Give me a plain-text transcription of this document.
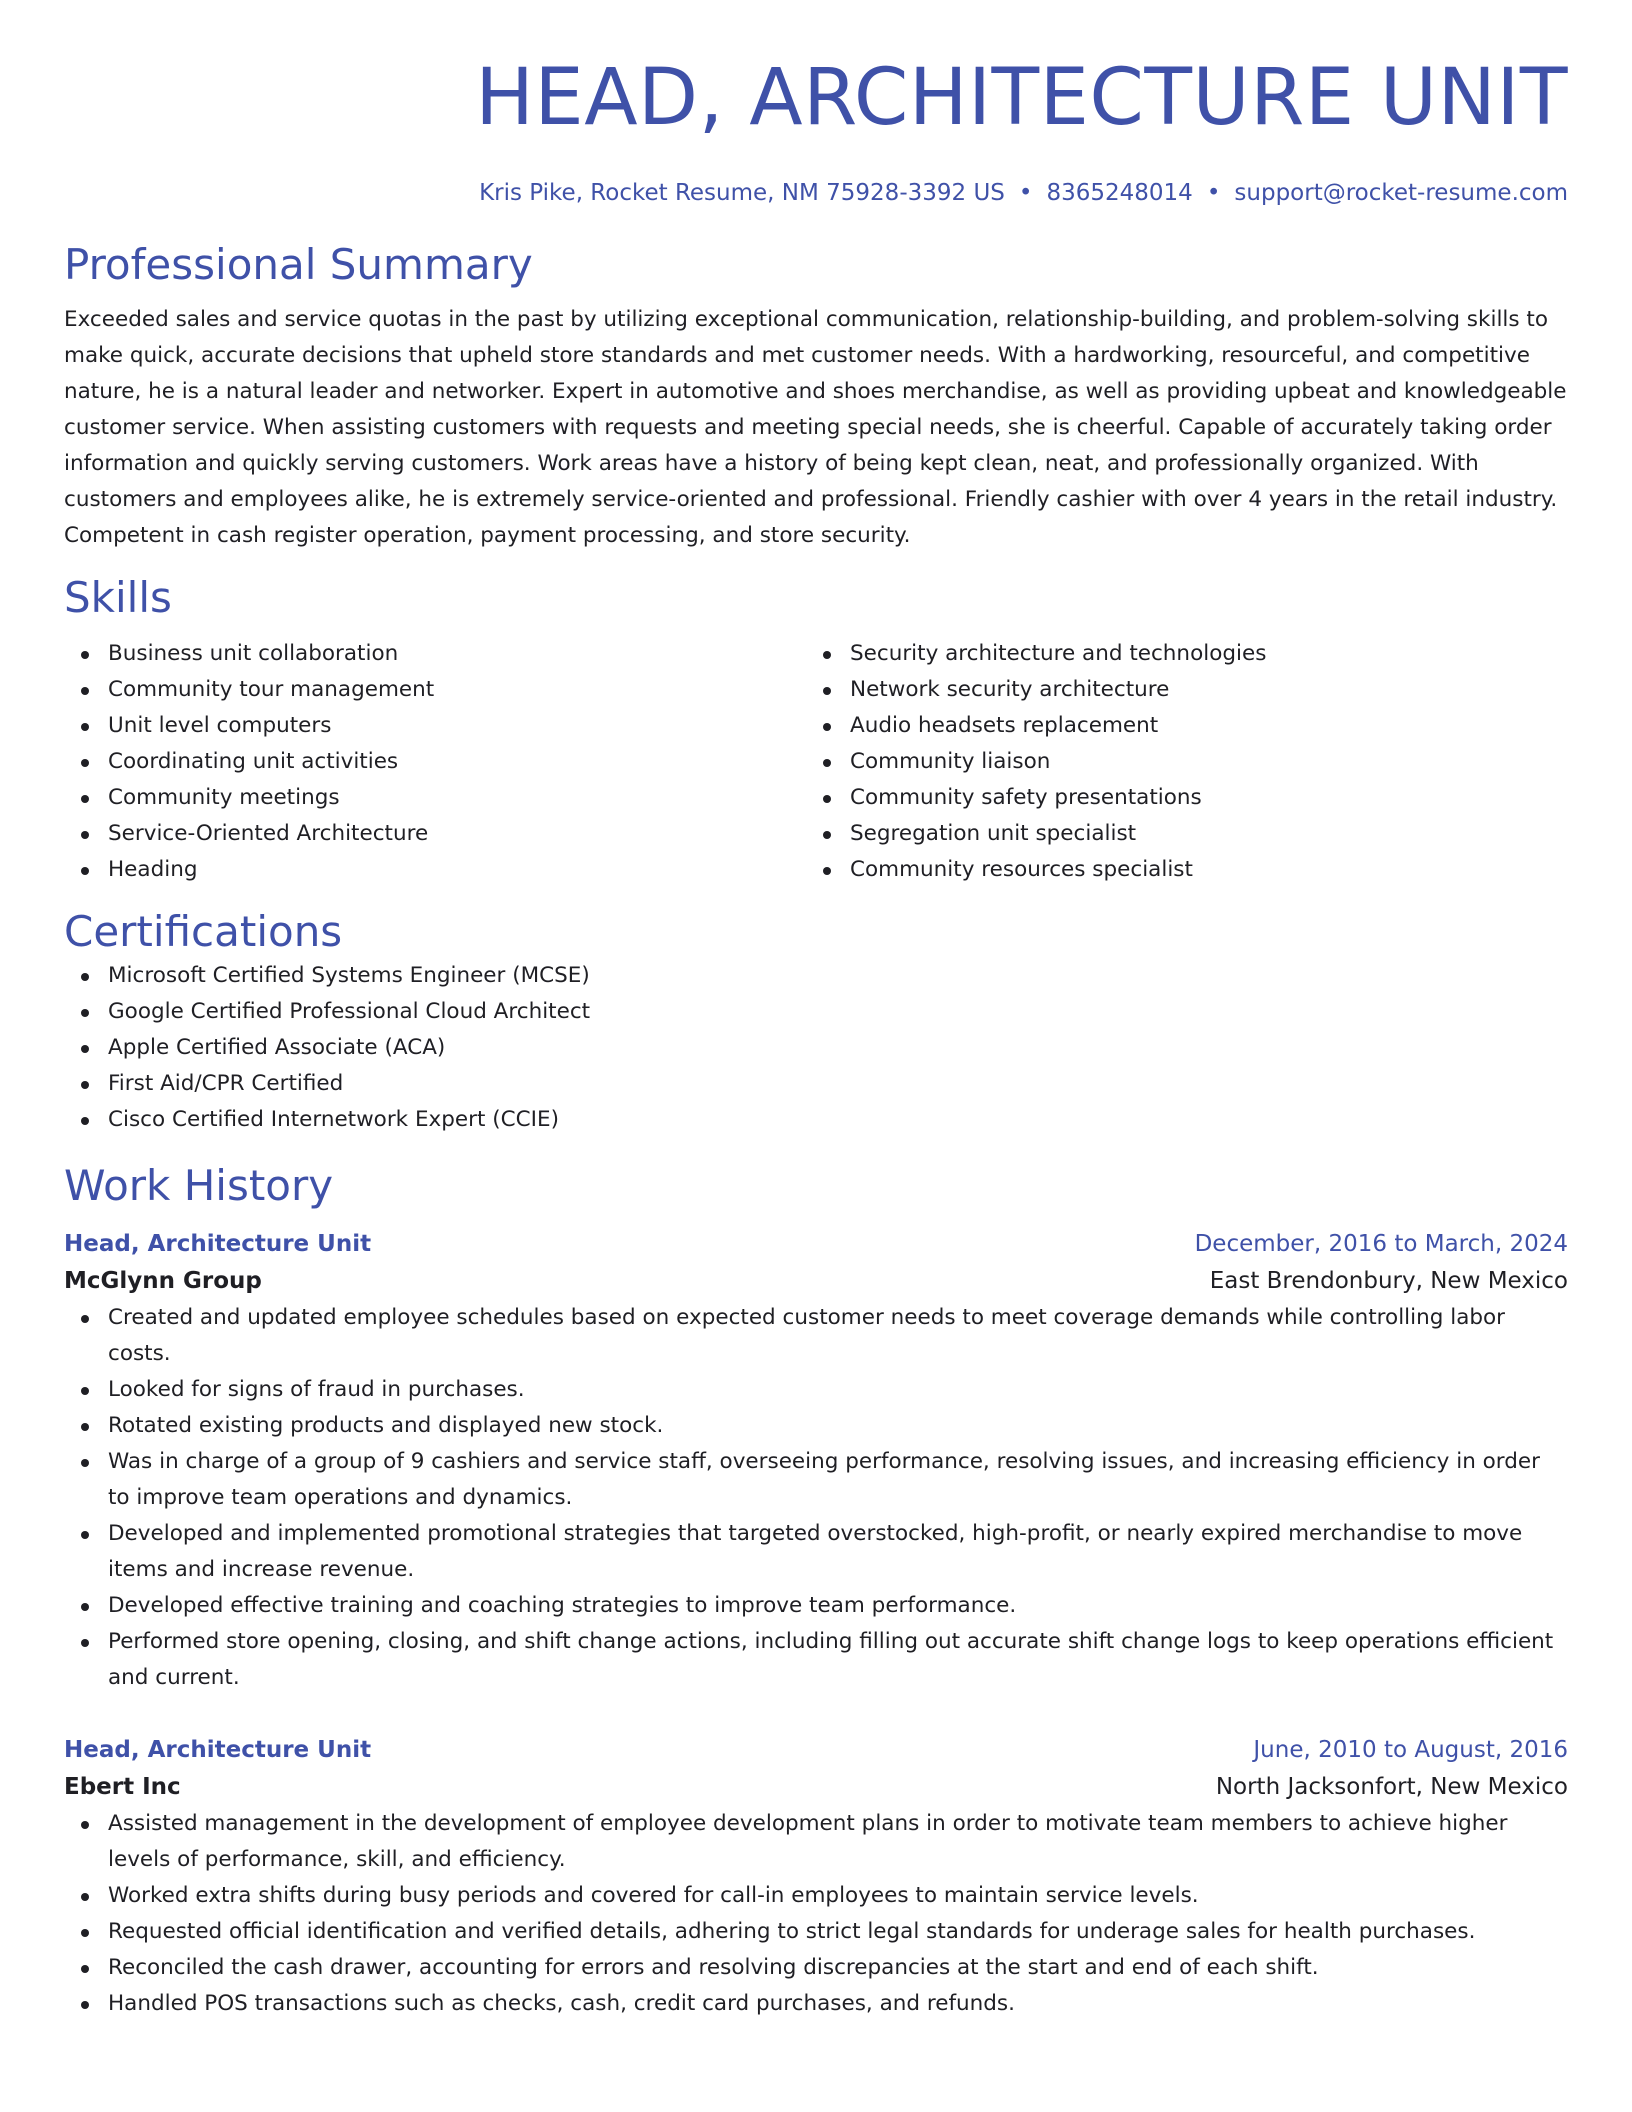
HEAD, ARCHITECTURE UNIT
Kris Pike, Rocket Resume, NM 75928-3392 US • 8365248014 • support@rocket-resume.com
Professional Summary

Exceeded sales and service quotas in the past by utilizing exceptional communication, relationship-building, and problem-solving skills to make quick, accurate decisions that upheld store standards and met customer needs. With a hardworking, resourceful, and competitive nature, he is a natural leader and networker. Expert in automotive and shoes merchandise, as well as providing upbeat and knowledgeable customer service. When assisting customers with requests and meeting special needs, she is cheerful. Capable of accurately taking order information and quickly serving customers. Work areas have a history of being kept clean, neat, and professionally organized. With customers and employees alike, he is extremely service-oriented and professional. Friendly cashier with over 4 years in the retail industry. Competent in cash register operation, payment processing, and store security.

Skills
Business unit collaboration
Community tour management
Unit level computers
Coordinating unit activities
Community meetings
Service-Oriented Architecture
Heading
Security architecture and technologies
Network security architecture
Audio headsets replacement
Community liaison
Community safety presentations
Segregation unit specialist
Community resources specialist
Certifications
Microsoft Certified Systems Engineer (MCSE)
Google Certified Professional Cloud Architect
Apple Certified Associate (ACA)
First Aid/CPR Certified
Cisco Certified Internetwork Expert (CCIE)
Work History
Head, Architecture Unit	December, 2016 to March, 2024
McGlynn Group	East Brendonbury, New Mexico
Created and updated employee schedules based on expected customer needs to meet coverage demands while controlling labor costs.
Looked for signs of fraud in purchases.
Rotated existing products and displayed new stock.
Was in charge of a group of 9 cashiers and service staff, overseeing performance, resolving issues, and increasing efficiency in order to improve team operations and dynamics.
Developed and implemented promotional strategies that targeted overstocked, high-profit, or nearly expired merchandise to move items and increase revenue.
Developed effective training and coaching strategies to improve team performance.
Performed store opening, closing, and shift change actions, including filling out accurate shift change logs to keep operations efficient and current.
Head, Architecture Unit	June, 2010 to August, 2016
Ebert Inc	North Jacksonfort, New Mexico
Assisted management in the development of employee development plans in order to motivate team members to achieve higher levels of performance, skill, and efficiency.
Worked extra shifts during busy periods and covered for call-in employees to maintain service levels.
Requested official identification and verified details, adhering to strict legal standards for underage sales for health purchases.
Reconciled the cash drawer, accounting for errors and resolving discrepancies at the start and end of each shift.
Handled POS transactions such as checks, cash, credit card purchases, and refunds.
